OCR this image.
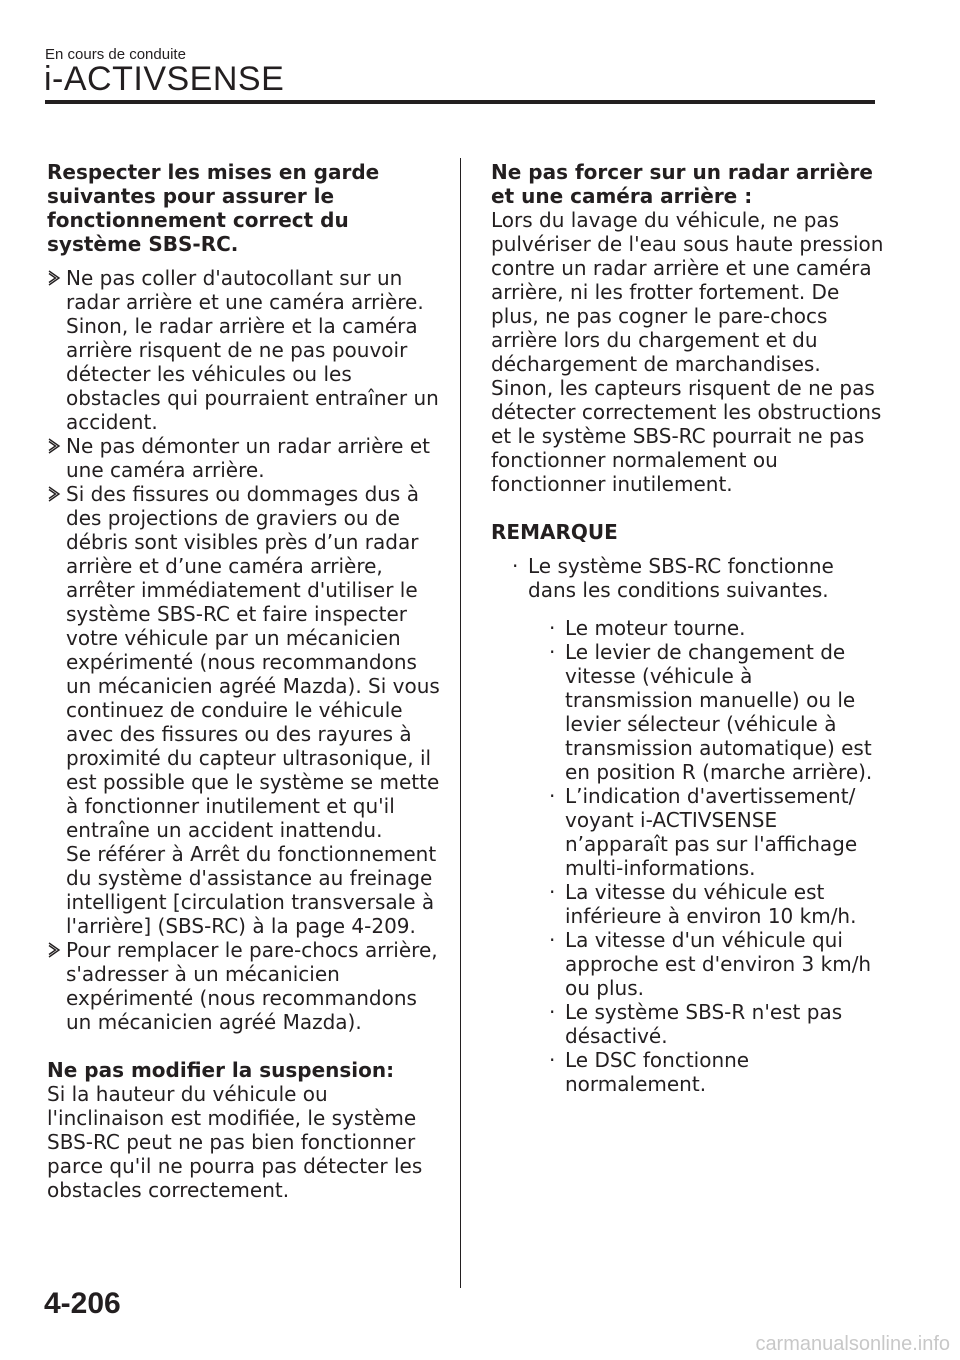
En cours de conduite
i-ACTIVSENSE

Respecter les mises en garde suivantes pour assurer le fonctionnement correct du système SBS-RC.

Ne pas coller d'autocollant sur un radar arrière et une caméra arrière. Sinon, le radar arrière et la caméra arrière risquent de ne pas pouvoir détecter les véhicules ou les obstacles qui pourraient entraîner un accident.
Ne pas démonter un radar arrière et une caméra arrière.
Si des fissures ou dommages dus à des projections de graviers ou de débris sont visibles près d’un radar arrière et d’une caméra arrière, arrêter immédiatement d'utiliser le système SBS-RC et faire inspecter votre véhicule par un mécanicien expérimenté (nous recommandons un mécanicien agréé Mazda). Si vous continuez de conduire le véhicule avec des fissures ou des rayures à proximité du capteur ultrasonique, il est possible que le système se mette à fonctionner inutilement et qu'il entraîne un accident inattendu.
Se référer à Arrêt du fonctionnement du système d'assistance au freinage intelligent [circulation transversale à l'arrière] (SBS-RC) à la page 4-209.
Pour remplacer le pare-chocs arrière, s'adresser à un mécanicien expérimenté (nous recommandons un mécanicien agréé Mazda).

Ne pas modifier la suspension:

Si la hauteur du véhicule ou l'inclinaison est modifiée, le système SBS-RC peut ne pas bien fonctionner parce qu'il ne pourra pas détecter les obstacles correctement.

Ne pas forcer sur un radar arrière et une caméra arrière :

Lors du lavage du véhicule, ne pas pulvériser de l'eau sous haute pression contre un radar arrière et une caméra arrière, ni les frotter fortement. De plus, ne pas cogner le pare-chocs arrière lors du chargement et du déchargement de marchandises. Sinon, les capteurs risquent de ne pas détecter correctement les obstructions et le système SBS-RC pourrait ne pas fonctionner normalement ou fonctionner inutilement.

REMARQUE

· Le système SBS-RC fonctionne dans les conditions suivantes.
· Le moteur tourne.
· Le levier de changement de vitesse (véhicule à transmission manuelle) ou le levier sélecteur (véhicule à transmission automatique) est en position R (marche arrière).
· L’indication d'avertissement/ voyant i-ACTIVSENSE n’apparaît pas sur l'affichage multi-informations.
· La vitesse du véhicule est inférieure à environ 10 km/h.
· La vitesse d'un véhicule qui approche est d'environ 3 km/h ou plus.
· Le système SBS-R n'est pas désactivé.
· Le DSC fonctionne normalement.
4-206
carmanualsonline.info
